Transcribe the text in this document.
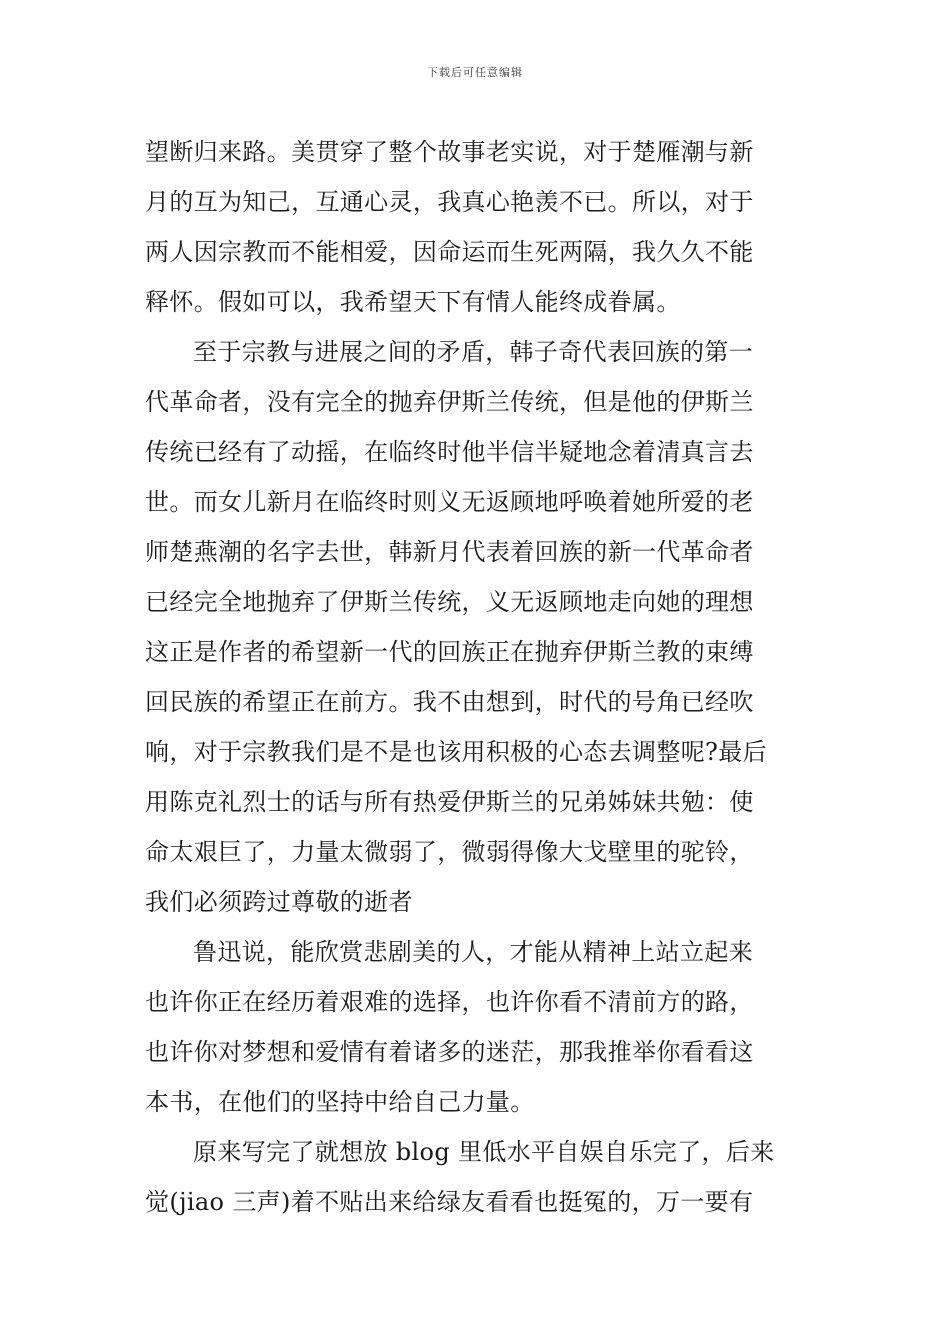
下载后可任意编辑
望断归来路。美贯穿了整个故事老实说，对于楚雁潮与新
月的互为知己，互通心灵，我真心艳羡不已。所以，对于
两人因宗教而不能相爱，因命运而生死两隔，我久久不能
释怀。假如可以，我希望天下有情人能终成眷属。
至于宗教与进展之间的矛盾，韩子奇代表回族的第一
代革命者，没有完全的抛弃伊斯兰传统，但是他的伊斯兰
传统已经有了动摇，在临终时他半信半疑地念着清真言去
世。而女儿新月在临终时则义无返顾地呼唤着她所爱的老
师楚燕潮的名字去世，韩新月代表着回族的新一代革命者
已经完全地抛弃了伊斯兰传统，义无返顾地走向她的理想
这正是作者的希望新一代的回族正在抛弃伊斯兰教的束缚
回民族的希望正在前方。我不由想到，时代的号角已经吹
响，对于宗教我们是不是也该用积极的心态去调整呢?最后
用陈克礼烈士的话与所有热爱伊斯兰的兄弟姊妹共勉：使
命太艰巨了，力量太微弱了，微弱得像大戈壁里的驼铃，
我们必须跨过尊敬的逝者
鲁迅说，能欣赏悲剧美的人，才能从精神上站立起来
也许你正在经历着艰难的选择，也许你看不清前方的路，
也许你对梦想和爱情有着诸多的迷茫，那我推举你看看这
本书，在他们的坚持中给自己力量。
原来写完了就想放 blog 里低水平自娱自乐完了，后来
觉(jiao 三声)着不贴出来给绿友看看也挺冤的，万一要有
